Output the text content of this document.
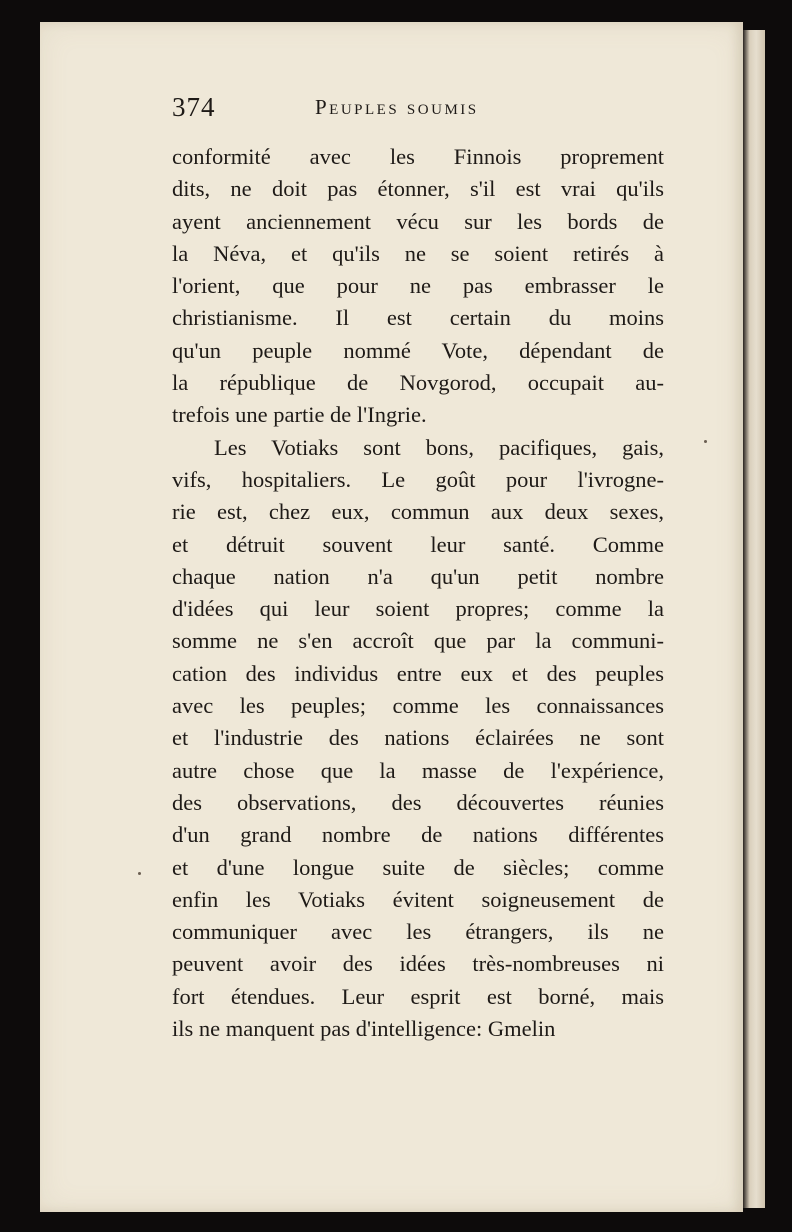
374	Peuples soumis
conformité avec les Finnois proprement
dits, ne doit pas étonner, s'il est vrai qu'ils
ayent anciennement vécu sur les bords de
la Néva, et qu'ils ne se soient retirés à
l'orient, que pour ne pas embrasser le
christianisme. Il est certain du moins
qu'un peuple nommé Vote, dépendant de
la république de Novgorod, occupait au-
trefois une partie de l'Ingrie.
Les Votiaks sont bons, pacifiques, gais,
vifs, hospitaliers. Le goût pour l'ivrogne-
rie est, chez eux, commun aux deux sexes,
et détruit souvent leur santé. Comme
chaque nation n'a qu'un petit nombre
d'idées qui leur soient propres; comme la
somme ne s'en accroît que par la communi-
cation des individus entre eux et des peuples
avec les peuples; comme les connaissances
et l'industrie des nations éclairées ne sont
autre chose que la masse de l'expérience,
des observations, des découvertes réunies
d'un grand nombre de nations différentes
et d'une longue suite de siècles; comme
enfin les Votiaks évitent soigneusement de
communiquer avec les étrangers, ils ne
peuvent avoir des idées très-nombreuses ni
fort étendues. Leur esprit est borné, mais
ils ne manquent pas d'intelligence: Gmelin
